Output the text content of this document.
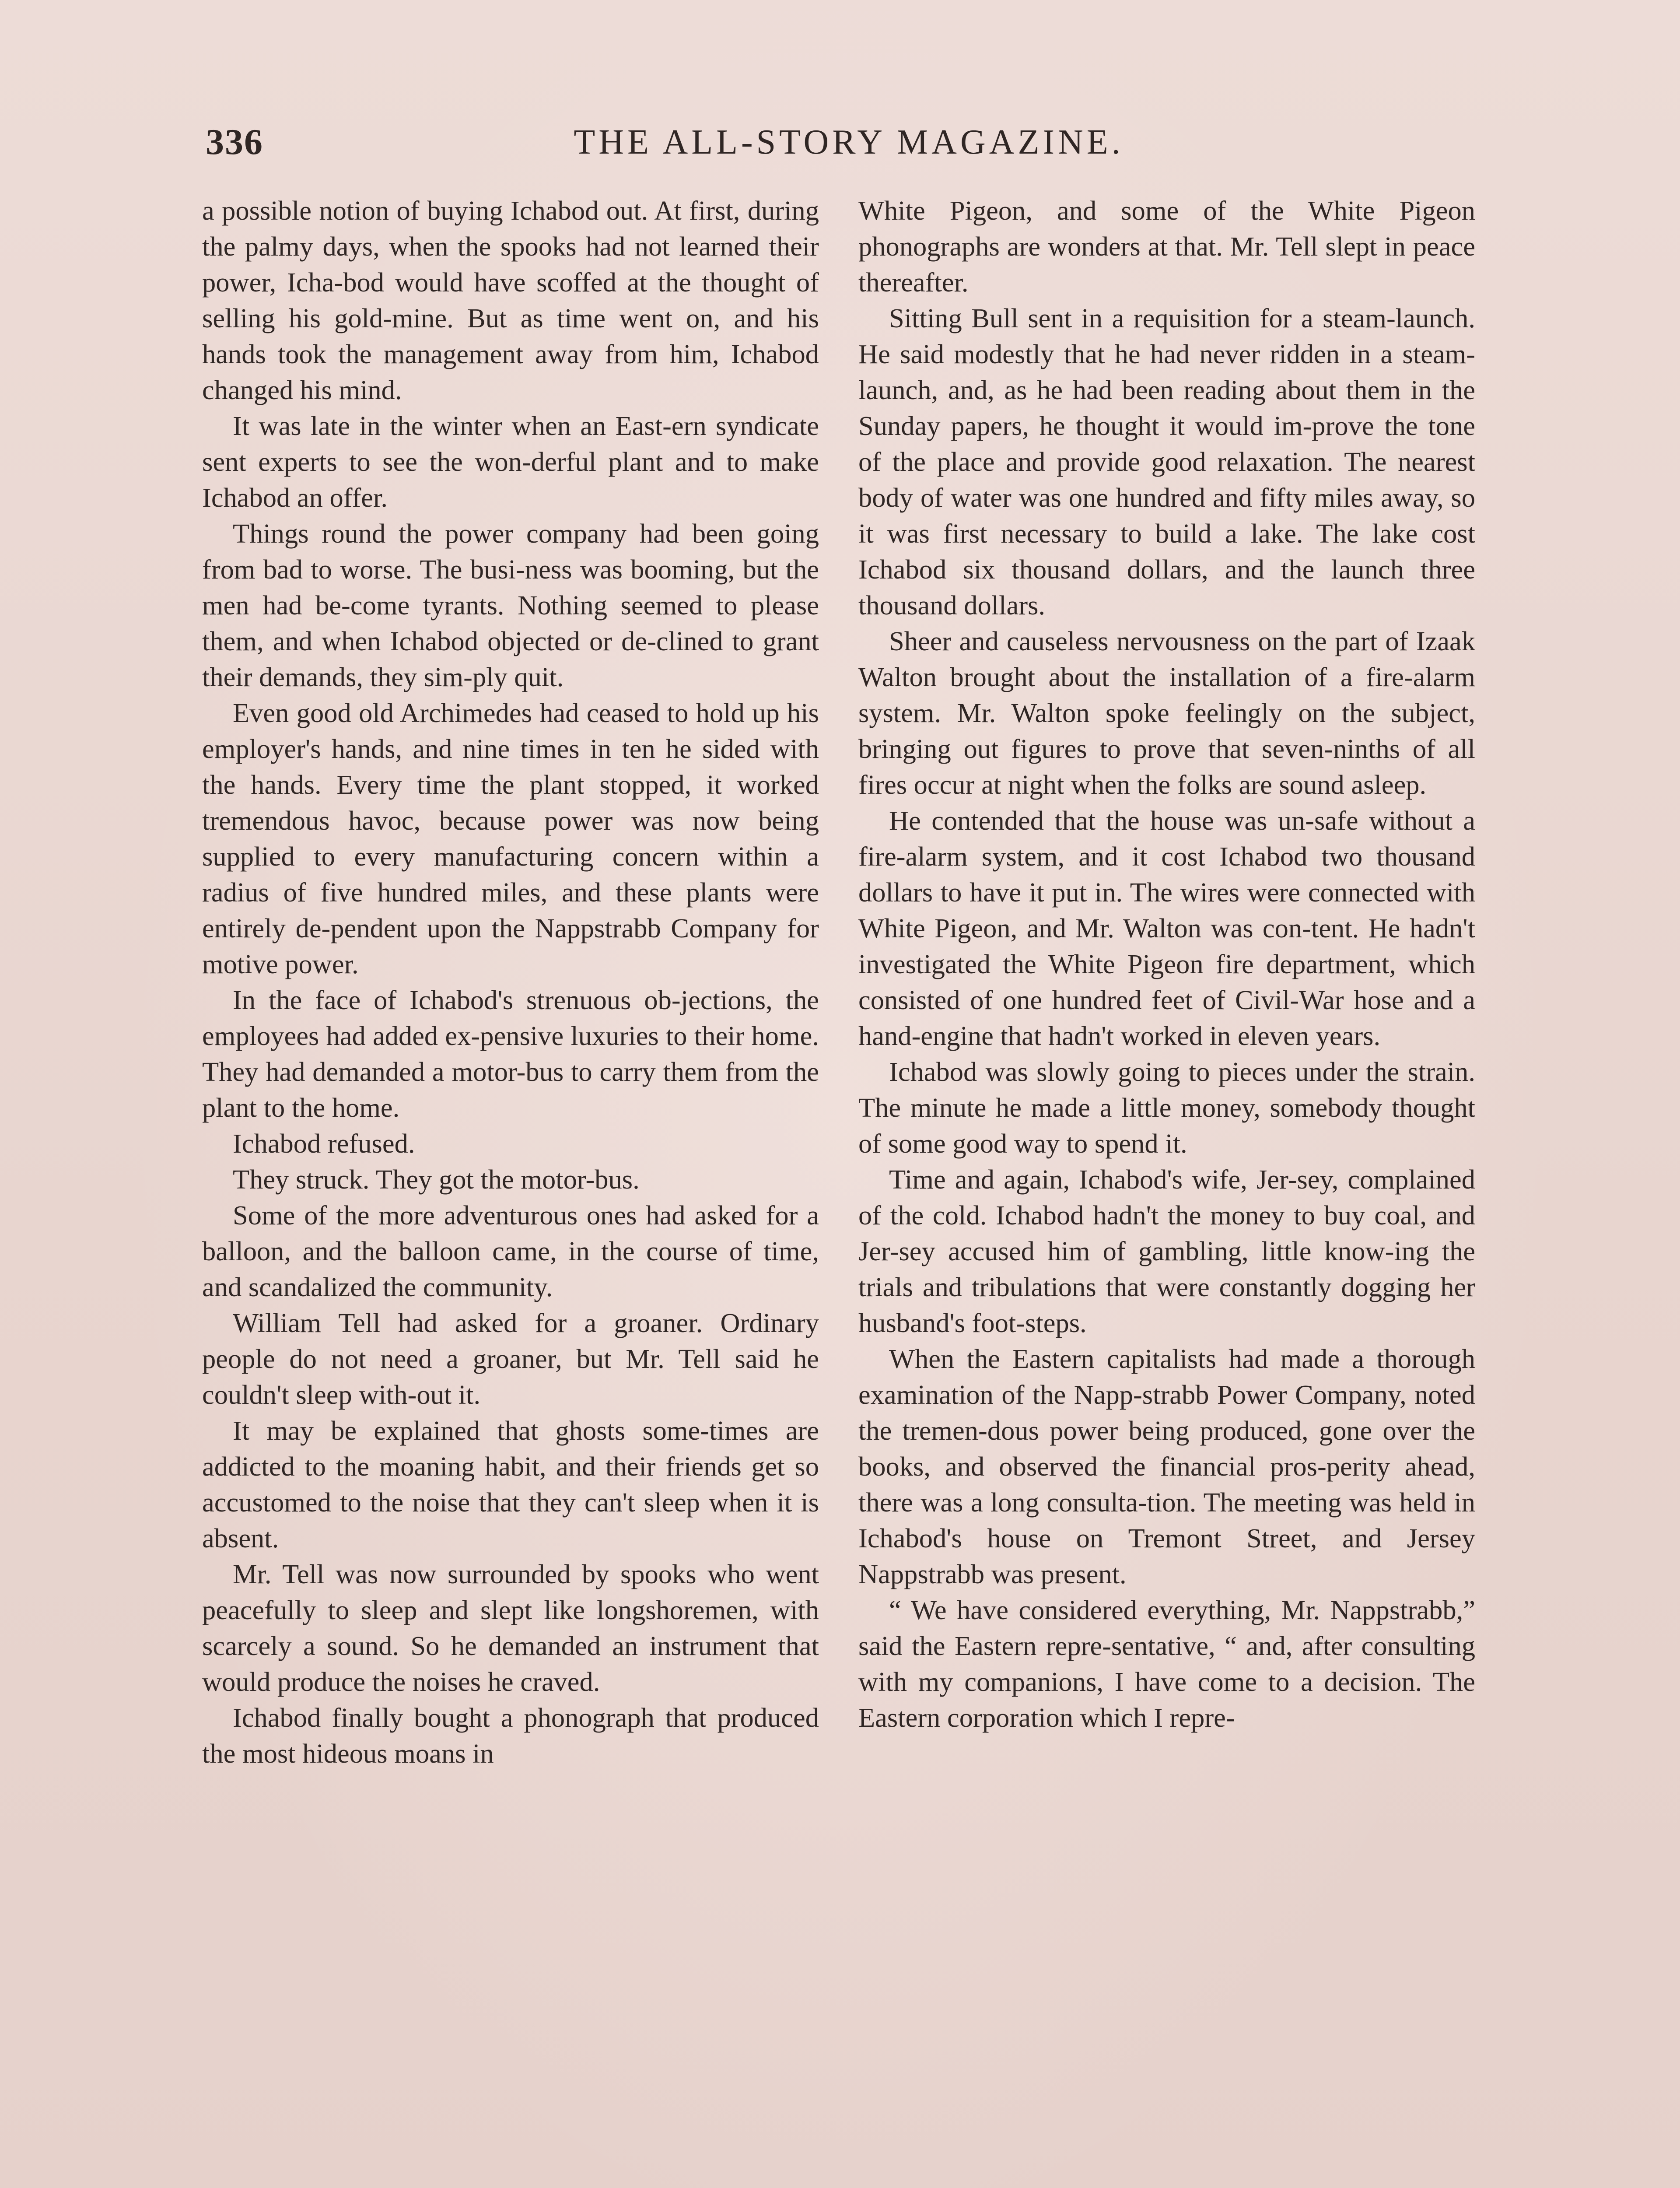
336	THE ALL-STORY MAGAZINE.

a possible notion of buying Ichabod out. At first, during the palmy days, when the spooks had not learned their power, Icha-bod would have scoffed at the thought of selling his gold-mine. But as time went on, and his hands took the management away from him, Ichabod changed his mind.

It was late in the winter when an East-ern syndicate sent experts to see the won-derful plant and to make Ichabod an offer.

Things round the power company had been going from bad to worse. The busi-ness was booming, but the men had be-come tyrants. Nothing seemed to please them, and when Ichabod objected or de-clined to grant their demands, they sim-ply quit.

Even good old Archimedes had ceased to hold up his employer's hands, and nine times in ten he sided with the hands. Every time the plant stopped, it worked tremendous havoc, because power was now being supplied to every manufacturing concern within a radius of five hundred miles, and these plants were entirely de-pendent upon the Nappstrabb Company for motive power.

In the face of Ichabod's strenuous ob-jections, the employees had added ex-pensive luxuries to their home. They had demanded a motor-bus to carry them from the plant to the home.

Ichabod refused.

They struck. They got the motor-bus.

Some of the more adventurous ones had asked for a balloon, and the balloon came, in the course of time, and scandalized the community.

William Tell had asked for a groaner. Ordinary people do not need a groaner, but Mr. Tell said he couldn't sleep with-out it.

It may be explained that ghosts some-times are addicted to the moaning habit, and their friends get so accustomed to the noise that they can't sleep when it is absent.

Mr. Tell was now surrounded by spooks who went peacefully to sleep and slept like longshoremen, with scarcely a sound. So he demanded an instrument that would produce the noises he craved.

Ichabod finally bought a phonograph that produced the most hideous moans in

White Pigeon, and some of the White Pigeon phonographs are wonders at that. Mr. Tell slept in peace thereafter.

Sitting Bull sent in a requisition for a steam-launch. He said modestly that he had never ridden in a steam-launch, and, as he had been reading about them in the Sunday papers, he thought it would im-prove the tone of the place and provide good relaxation. The nearest body of water was one hundred and fifty miles away, so it was first necessary to build a lake. The lake cost Ichabod six thousand dollars, and the launch three thousand dollars.

Sheer and causeless nervousness on the part of Izaak Walton brought about the installation of a fire-alarm system. Mr. Walton spoke feelingly on the subject, bringing out figures to prove that seven-ninths of all fires occur at night when the folks are sound asleep.

He contended that the house was un-safe without a fire-alarm system, and it cost Ichabod two thousand dollars to have it put in. The wires were connected with White Pigeon, and Mr. Walton was con-tent. He hadn't investigated the White Pigeon fire department, which consisted of one hundred feet of Civil-War hose and a hand-engine that hadn't worked in eleven years.

Ichabod was slowly going to pieces under the strain. The minute he made a little money, somebody thought of some good way to spend it.

Time and again, Ichabod's wife, Jer-sey, complained of the cold. Ichabod hadn't the money to buy coal, and Jer-sey accused him of gambling, little know-ing the trials and tribulations that were constantly dogging her husband's foot-steps.

When the Eastern capitalists had made a thorough examination of the Napp-strabb Power Company, noted the tremen-dous power being produced, gone over the books, and observed the financial pros-perity ahead, there was a long consulta-tion. The meeting was held in Ichabod's house on Tremont Street, and Jersey Nappstrabb was present.

“ We have considered everything, Mr. Nappstrabb,” said the Eastern repre-sentative, “ and, after consulting with my companions, I have come to a decision. The Eastern corporation which I repre-
